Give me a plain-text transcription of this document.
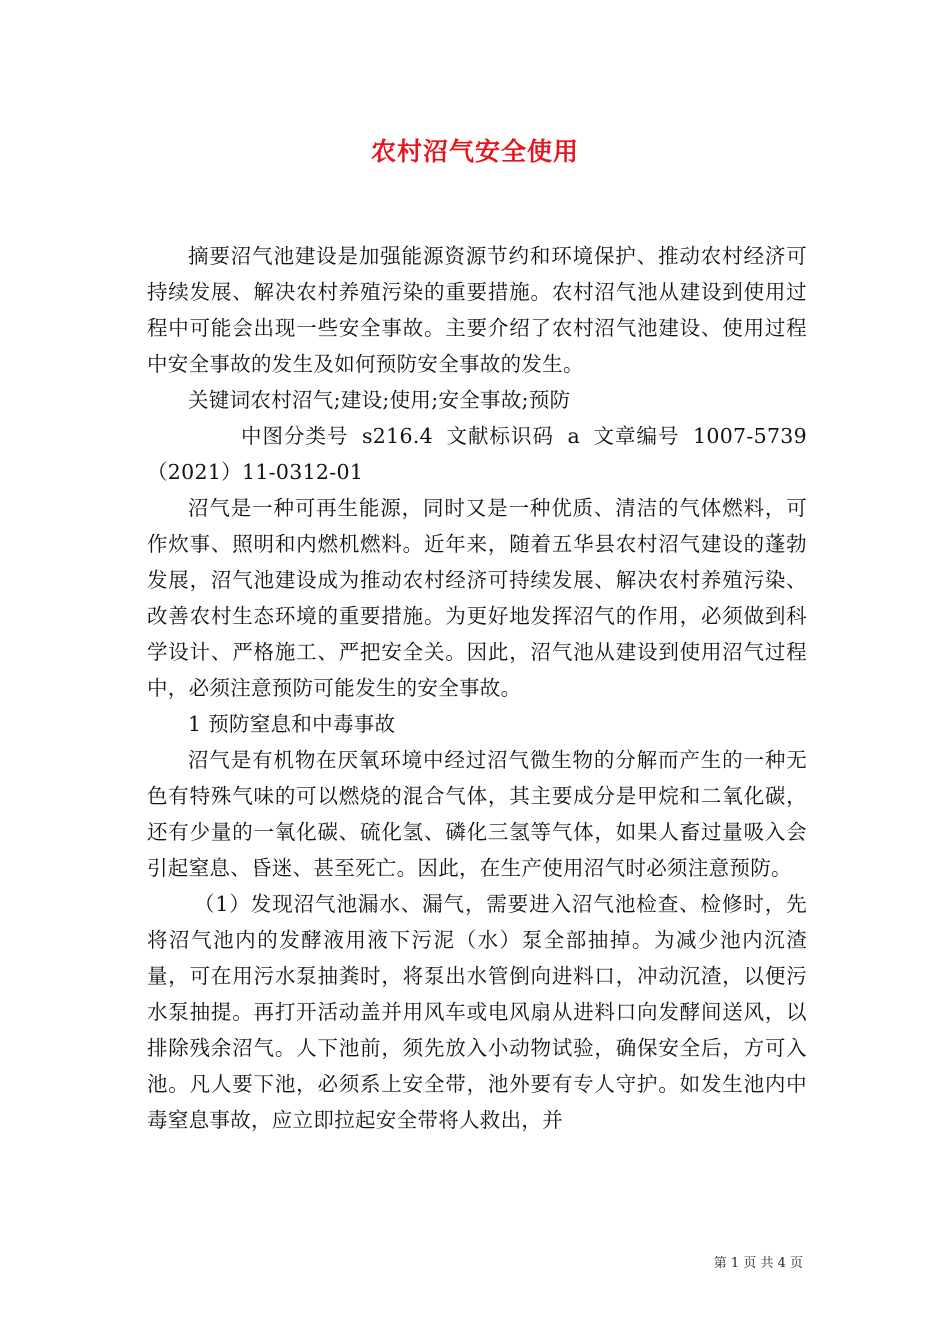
农村沼气安全使用

摘要沼气池建设是加强能源资源节约和环境保护、推动农村经济可持续发展、解决农村养殖污染的重要措施。农村沼气池从建设到使用过程中可能会出现一些安全事故。主要介绍了农村沼气池建设、使用过程中安全事故的发生及如何预防安全事故的发生。

关键词农村沼气;建设;使用;安全事故;预防

中图分类号 s216.4 文献标识码 a 文章编号 1007-5739（2021）11-0312-01

沼气是一种可再生能源，同时又是一种优质、清洁的气体燃料，可作炊事、照明和内燃机燃料。近年来，随着五华县农村沼气建设的蓬勃发展，沼气池建设成为推动农村经济可持续发展、解决农村养殖污染、改善农村生态环境的重要措施。为更好地发挥沼气的作用，必须做到科学设计、严格施工、严把安全关。因此，沼气池从建设到使用沼气过程中，必须注意预防可能发生的安全事故。

1 预防窒息和中毒事故

沼气是有机物在厌氧环境中经过沼气微生物的分解而产生的一种无色有特殊气味的可以燃烧的混合气体，其主要成分是甲烷和二氧化碳，还有少量的一氧化碳、硫化氢、磷化三氢等气体，如果人畜过量吸入会引起窒息、昏迷、甚至死亡。因此，在生产使用沼气时必须注意预防。

（1）发现沼气池漏水、漏气，需要进入沼气池检查、检修时，先将沼气池内的发酵液用液下污泥（水）泵全部抽掉。为减少池内沉渣量，可在用污水泵抽粪时，将泵出水管倒向进料口，冲动沉渣，以便污水泵抽提。再打开活动盖并用风车或电风扇从进料口向发酵间送风，以排除残余沼气。人下池前，须先放入小动物试验，确保安全后，方可入池。凡人要下池，必须系上安全带，池外要有专人守护。如发生池内中毒窒息事故，应立即拉起安全带将人救出，并

第 1 页 共 4 页
